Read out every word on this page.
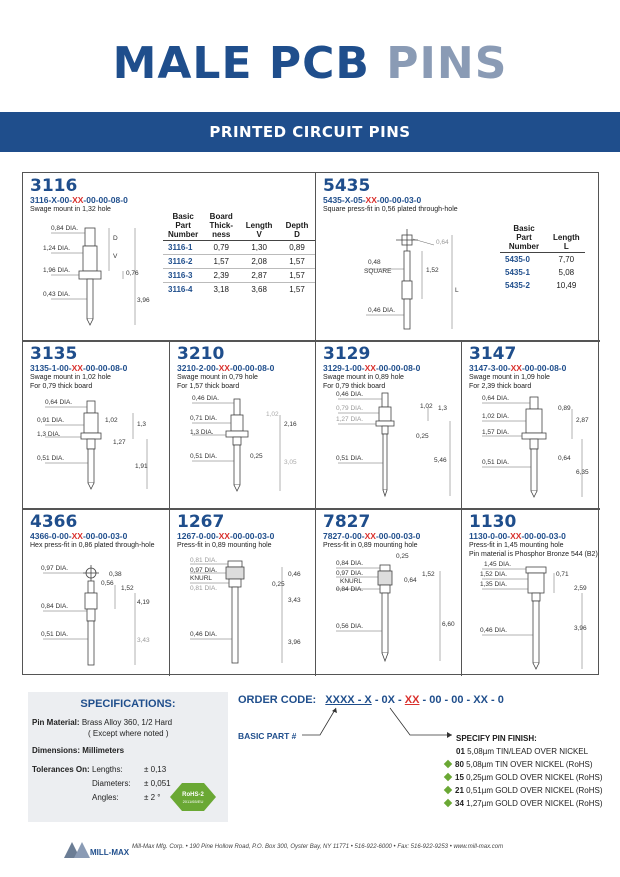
MALE PCB PINS
PRINTED CIRCUIT PINS
3116
3116-X-00-XX-00-00-08-0
Swage mount in 1,32 hole
0,84 DIA.
1,24 DIA.
1,96 DIA.
0,43 DIA.
D
V
0,76
3,96
Basic Part Number	Board Thick-ness	Length V	Depth D
3116-1	0,79	1,30	0,89
3116-2	1,57	2,08	1,57
3116-3	2,39	2,87	1,57
3116-4	3,18	3,68	1,57
5435
5435-X-05-XX-00-00-03-0
Square press-fit in 0,56 plated through-hole
0,64
0,48
SQUARE	1,52
L
0,46 DIA.
Basic Part Number	Length L
5435-0	7,70
5435-1	5,08
5435-2	10,49
3135
3135-1-00-XX-00-00-08-0
Swage mount in 1,02 hole
For 0,79 thick board
0,64 DIA.
0,91 DIA.	1,02
1,3
1,3 DIA.
1,27
0,51 DIA.
1,91
3210
3210-2-00-XX-00-00-08-0
Swage mount in 0,79 hole
For 1,57 thick board
0,46 DIA.
0,71 DIA.
1,02
2,16
1,3 DIA.
0,51 DIA.	0,25
3,05
3129
3129-1-00-XX-00-00-08-0
Swage mount in 0,89 hole
For 0,79 thick board
0,46 DIA.
0,79 DIA.
1,27 DIA.
1,02 1,3
0,25
0,51 DIA.	5,46
3147
3147-3-00-XX-00-00-08-0
Swage mount in 1,09 hole
For 2,39 thick board
0,64 DIA.
1,02 DIA.
0,89
2,87
1,57 DIA.
0,64
0,51 DIA.
6,35
4366
4366-0-00-XX-00-00-03-0
Hex press-fit in 0,86 plated through-hole
0,97 DIA.
0,38
0,56
1,52
4,19
0,84 DIA.
0,51 DIA.
3,43
1267
1267-0-00-XX-00-00-03-0
Press-fit in 0,89 mounting hole
0,81 DIA.
0,97 DIA.
KNURL
0,81 DIA.
0,46
0,25
3,43
0,46 DIA.
3,96
7827
7827-0-00-XX-00-00-03-0
Press-fit in 0,89 mounting hole
0,25
0,84 DIA.
0,97 DIA.
KNURL
0,84 DIA.
0,64
1,52
0,56 DIA.	6,60
1130
1130-0-00-XX-00-00-03-0
Press-fit in 1,45 mounting hole
Pin material is Phosphor Bronze 544 (B2)
1,45 DIA.
1,52 DIA.	0,71
1,35 DIA.
2,59
0,46 DIA.	3,96
SPECIFICATIONS:
Pin Material: Brass Alloy 360, 1/2 Hard
( Except where noted )
Dimensions: Millimeters
Tolerances On: Lengths:	± 0,13
Diameters: ± 0,051
Angles:	± 2 °	RoHS-2
2011/65/EU
ORDER CODE: XXXX - X - 0X - XX - 00 - 00 - XX - 0
BASIC PART #	SPECIFY PIN FINISH:
01 5,08µm TIN/LEAD OVER NICKEL
80 5,08µm TIN OVER NICKEL (RoHS)
15 0,25µm GOLD OVER NICKEL (RoHS)
21 0,51µm GOLD OVER NICKEL (RoHS)
34 1,27µm GOLD OVER NICKEL (RoHS)
MILL-MAX
Mill-Max Mfg. Corp. • 190 Pine Hollow Road, P.O. Box 300, Oyster Bay, NY 11771 • 516-922-6000 • Fax: 516-922-9253 • www.mill-max.com
